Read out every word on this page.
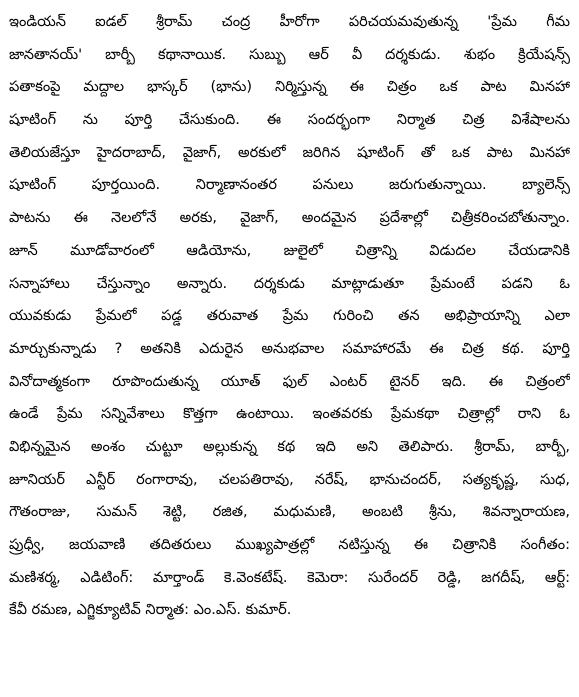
ఇండియన్ ఐడల్ శ్రీరామ్ చంద్ర హీరోగా పరిచయమవుతున్న 'ప్రేమ గీమ
జానతానయ్' బార్బీ కథానాయిక. సుబ్బు ఆర్ వీ దర్శకుడు. శుభం క్రియేషన్స్
పతాకంపై మద్దాల భాస్కర్ (భాను) నిర్మిస్తున్న ఈ చిత్రం ఒక పాట మినహా
షూటింగ్ ను పూర్తి చేసుకుంది. ఈ సందర్భంగా నిర్మాత చిత్ర విశేషాలను
తెలియజేస్తూ హైదరాబాద్, వైజాగ్, అరకులో జరిగిన షూటింగ్ తో ఒక పాట మినహా
షూటింగ్ పూర్తయింది. నిర్మాణానంతర పనులు జరుగుతున్నాయి. బ్యాలెన్స్
పాటను ఈ నెలలోనే అరకు, వైజాగ్, అందమైన ప్రదేశాల్లో చిత్రీకరించబోతున్నాం.
జూన్ మూడోవారంలో ఆడియోను, జులైలో చిత్రాన్ని విడుదల చేయడానికి
సన్నాహాలు చేస్తున్నాం అన్నారు. దర్శకుడు మాట్లాడుతూ ప్రేమంటే పడని ఓ
యువకుడు ప్రేమలో పడ్డ తరువాత ప్రేమ గురించి తన అభిప్రాయాన్ని ఎలా
మార్చుకున్నాడు ? అతనికి ఎదురైన అనుభవాల సమాహారమే ఈ చిత్ర కథ. పూర్తి
వినోదాత్మకంగా రూపొందుతున్న యూత్ ఫుల్ ఎంటర్ టైనర్ ఇది. ఈ చిత్రంలో
ఉండే ప్రేమ సన్నివేశాలు కొత్తగా ఉంటాయి. ఇంతవరకు ప్రేమకథా చిత్రాల్లో రాని ఓ
విభిన్నమైన అంశం చుట్టూ అల్లుకున్న కథ ఇది అని తెలిపారు. శ్రీరామ్, బార్బీ,
జూనియర్ ఎన్టీర్ రంగారావు, చలపతిరావు, నరేష్, భానుచందర్, సత్యకృష్ణ, సుధ,
గౌతంరాజు, సుమన్ శెట్టి, రజిత, మధుమణి, అంబటి శ్రీను, శివన్నారాయణ,
ప్రుధ్వీ, జయవాణి తదితరులు ముఖ్యపాత్రల్లో నటిస్తున్న ఈ చిత్రానికి సంగీతం:
మణిశర్మ, ఎడిటింగ్: మార్తాండ్ కె.వెంకటేష్. కెమెరా: సురేందర్ రెడ్డి, జగదీష్, ఆర్ట్:
కేవీ రమణ, ఎగ్జిక్యూటివ్ నిర్మాత: ఎం.ఎస్. కుమార్.
